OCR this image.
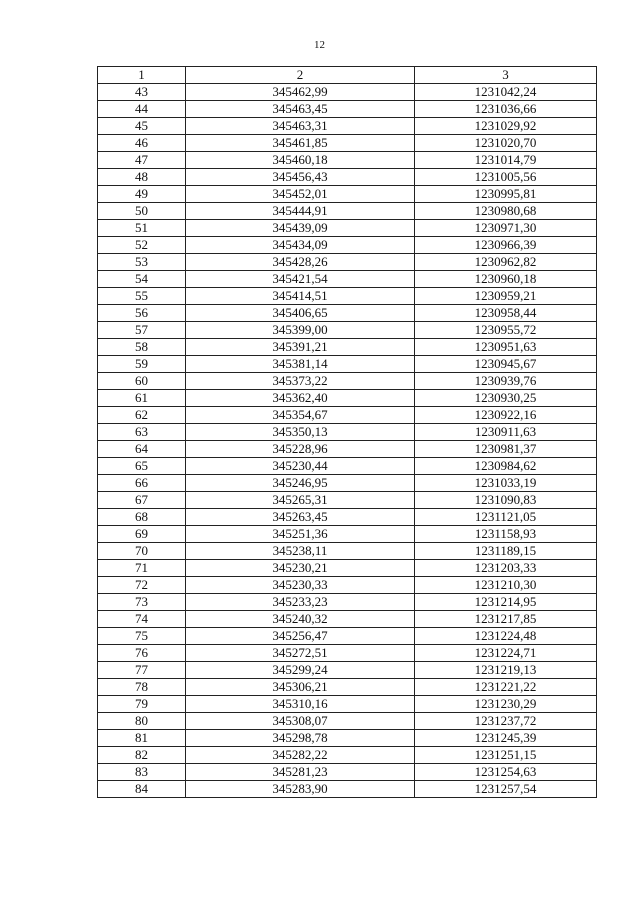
12
1	2	3
43	345462,99	1231042,24
44	345463,45	1231036,66
45	345463,31	1231029,92
46	345461,85	1231020,70
47	345460,18	1231014,79
48	345456,43	1231005,56
49	345452,01	1230995,81
50	345444,91	1230980,68
51	345439,09	1230971,30
52	345434,09	1230966,39
53	345428,26	1230962,82
54	345421,54	1230960,18
55	345414,51	1230959,21
56	345406,65	1230958,44
57	345399,00	1230955,72
58	345391,21	1230951,63
59	345381,14	1230945,67
60	345373,22	1230939,76
61	345362,40	1230930,25
62	345354,67	1230922,16
63	345350,13	1230911,63
64	345228,96	1230981,37
65	345230,44	1230984,62
66	345246,95	1231033,19
67	345265,31	1231090,83
68	345263,45	1231121,05
69	345251,36	1231158,93
70	345238,11	1231189,15
71	345230,21	1231203,33
72	345230,33	1231210,30
73	345233,23	1231214,95
74	345240,32	1231217,85
75	345256,47	1231224,48
76	345272,51	1231224,71
77	345299,24	1231219,13
78	345306,21	1231221,22
79	345310,16	1231230,29
80	345308,07	1231237,72
81	345298,78	1231245,39
82	345282,22	1231251,15
83	345281,23	1231254,63
84	345283,90	1231257,54
